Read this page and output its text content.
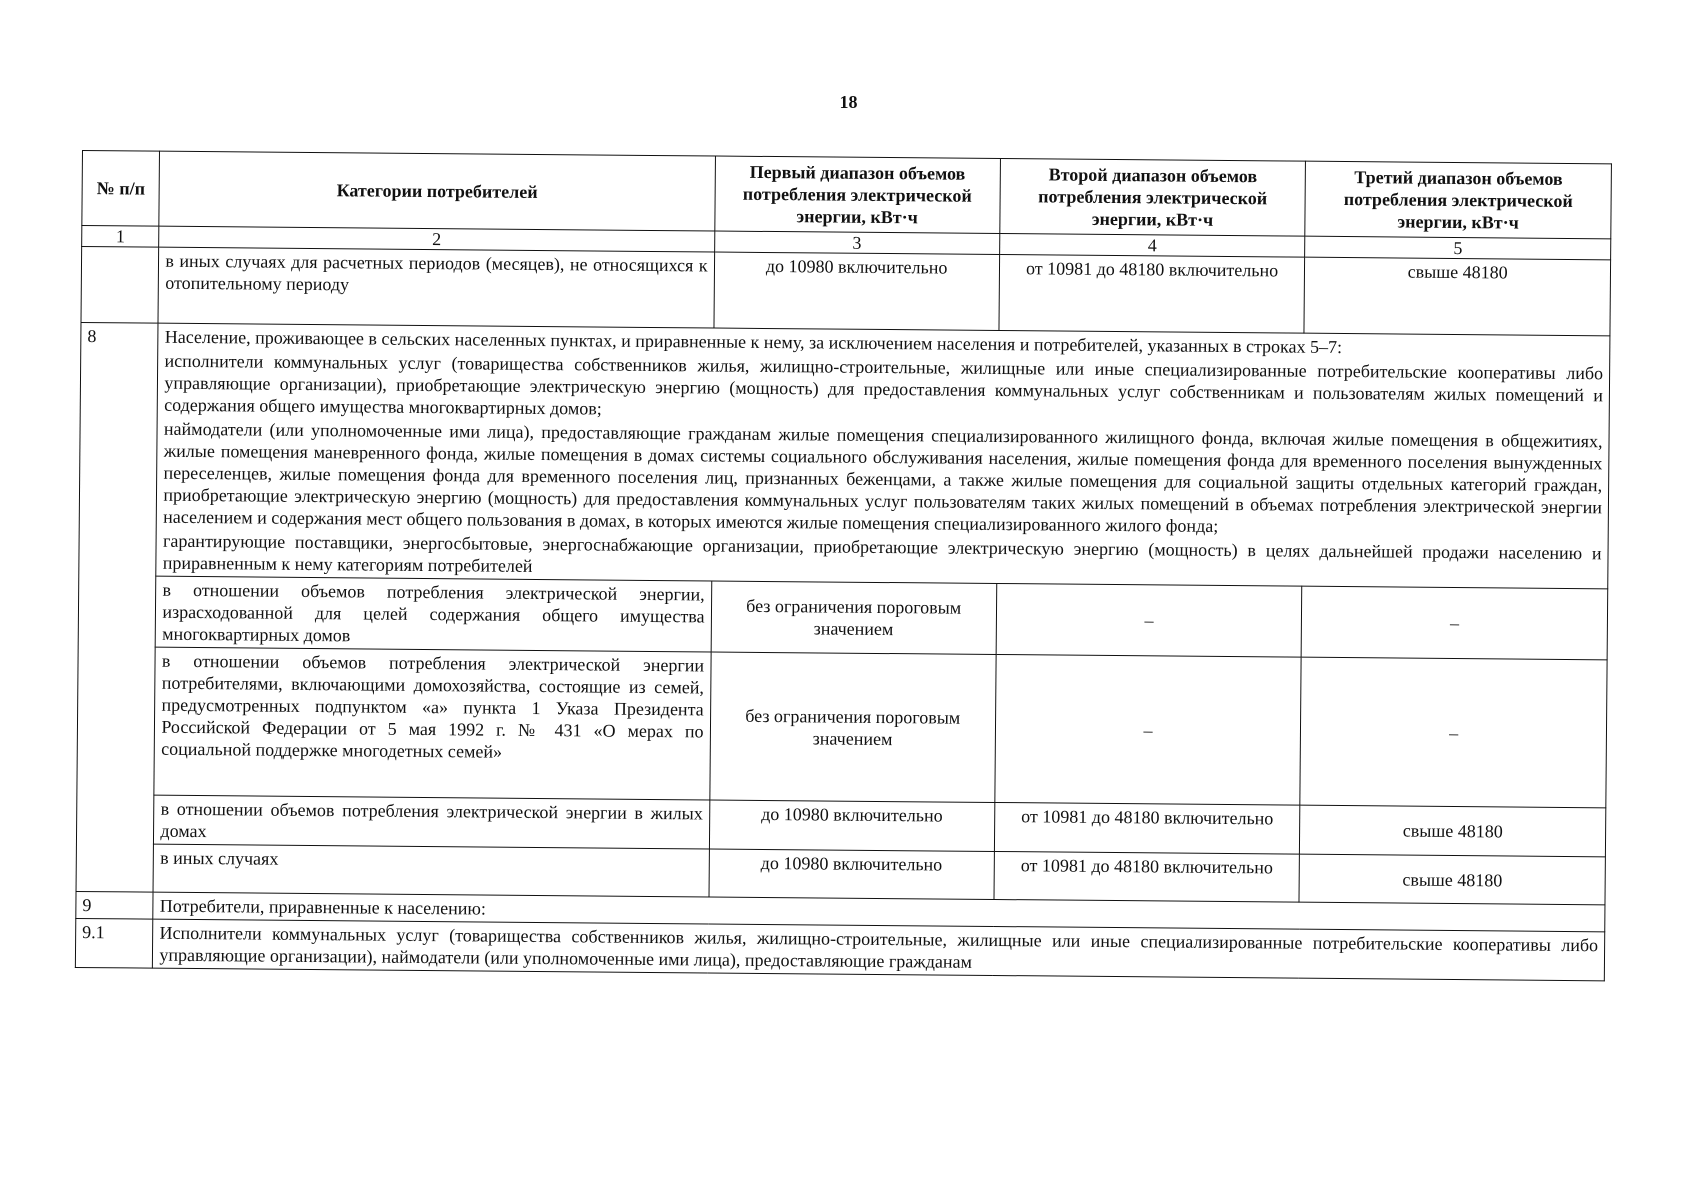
18
№ п/п	Категории потребителей	Первый диапазон объемов потребления электрической энергии, кВт·ч	Второй диапазон объемов потребления электрической энергии, кВт·ч	Третий диапазон объемов потребления электрической энергии, кВт·ч
1	2	3	4	5
	в иных случаях для расчетных периодов (месяцев), не относящихся к отопительному периоду	до 10980 включительно	от 10981 до 48180 включительно	свыше 48180
8	Население, проживающее в сельских населенных пунктах, и приравненные к нему, за исключением населения и потребителей, указанных в строках 5–7:

исполнители коммунальных услуг (товарищества собственников жилья, жилищно-строительные, жилищные или иные специализированные потребительские кооперативы либо управляющие организации), приобретающие электрическую энергию (мощность) для предоставления коммунальных услуг собственникам и пользователям жилых помещений и содержания общего имущества многоквартирных домов;

наймодатели (или уполномоченные ими лица), предоставляющие гражданам жилые помещения специализированного жилищного фонда, включая жилые помещения в общежитиях, жилые помещения маневренного фонда, жилые помещения в домах системы социального обслуживания населения, жилые помещения фонда для временного поселения вынужденных переселенцев, жилые помещения фонда для временного поселения лиц, признанных беженцами, а также жилые помещения для социальной защиты отдельных категорий граждан, приобретающие электрическую энергию (мощность) для предоставления коммунальных услуг пользователям таких жилых помещений в объемах потребления электрической энергии населением и содержания мест общего пользования в домах, в которых имеются жилые помещения специализированного жилого фонда;

гарантирующие поставщики, энергосбытовые, энергоснабжающие организации, приобретающие электрическую энергию (мощность) в целях дальнейшей продажи населению и приравненным к нему категориям потребителей			

	в отношении объемов потребления электрической энергии, израсходованной для целей содержания общего имущества многоквартирных домов	без ограничения пороговым значением	–	–
	в отношении объемов потребления электрической энергии потребителями, включающими домохозяйства, состоящие из семей, предусмотренных подпунктом «а» пункта 1 Указа Президента Российской Федерации от 5 мая 1992 г. № 431 «О мерах по социальной поддержке многодетных семей»	без ограничения пороговым значением	–	–
	в отношении объемов потребления электрической энергии в жилых домах	до 10980 включительно	от 10981 до 48180 включительно	свыше 48180
	в иных случаях	до 10980 включительно	от 10981 до 48180 включительно	свыше 48180
9	Потребители, приравненные к населению:			
9.1	Исполнители коммунальных услуг (товарищества собственников жилья, жилищно-строительные, жилищные или иные специализированные потребительские кооперативы либо управляющие организации), наймодатели (или уполномоченные ими лица), предоставляющие гражданам			
